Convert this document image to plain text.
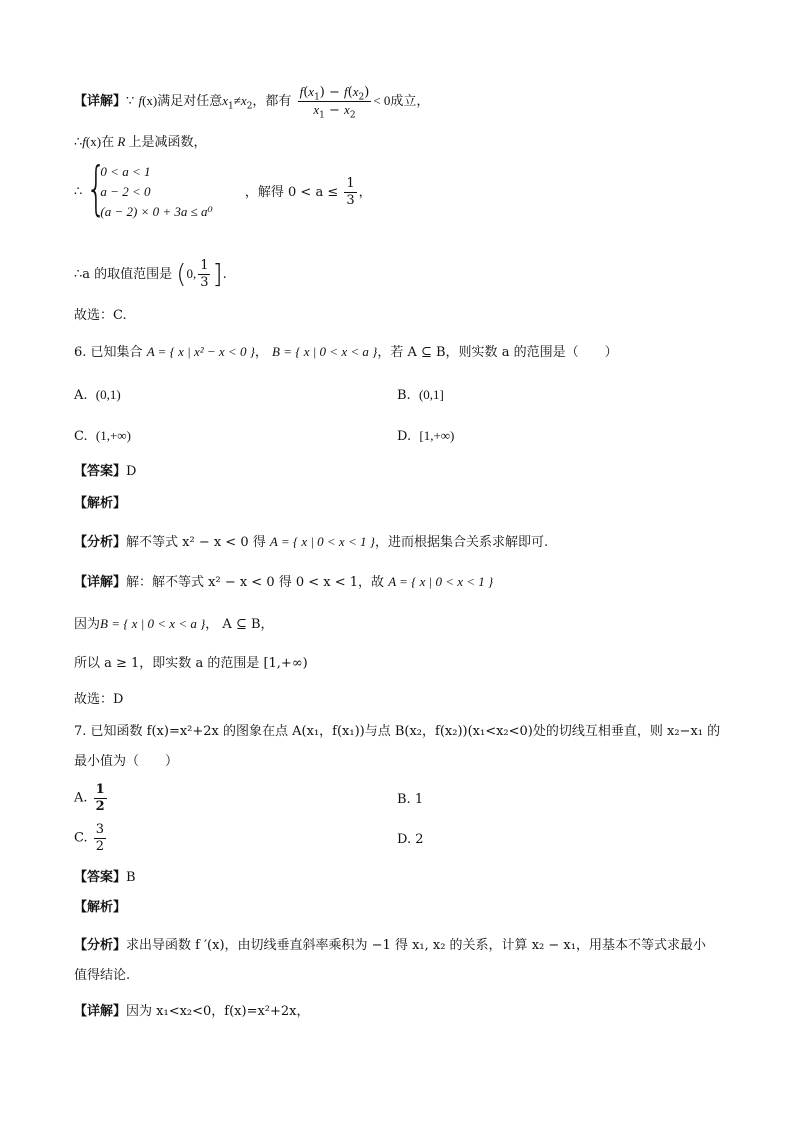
【详解】∵ f(x)满足对任意$x_1\ne x_2$，都有 $\frac{f(x_1) - f(x_2)}{x_1 - x_2} < 0$成立，
∴f(x)在 R 上是减函数，
∴ {
0 < a < 1
a − 2 < 0
(a − 2) × 0 + 3a ≤ a⁰
，解得 $0 < a \le \frac{1}{3}$ ，
∴a 的取值范围是 (0, $\frac{1}{3}$ ].
故选：C.
6. 已知集合 A = { x | x² − x < 0 }， B = { x | 0 < x < a }，若 A ⊆ B，则实数 a 的范围是（　　）
A. (0,1)	B. (0,1]
C. (1,+∞)	D. [1,+∞)
【答案】D
【解析】
【分析】解不等式 x² − x < 0 得 A = { x | 0 < x < 1 }，进而根据集合关系求解即可.
【详解】解：解不等式 x² − x < 0 得 0 < x < 1，故 A = { x | 0 < x < 1 }
因为B = { x | 0 < x < a }， A ⊆ B，
所以 a ≥ 1，即实数 a 的范围是 [1,+∞)
故选：D
7. 已知函数 f(x)=x²+2x 的图象在点 A(x₁，f(x₁))与点 B(x₂，f(x₂))(x₁<x₂<0)处的切线互相垂直，则 x₂−x₁ 的
最小值为（　　）
A. $\frac{1}{2}$	B. 1
C. $\frac{3}{2}$	D. 2
【答案】B
【解析】
【分析】求出导函数 f ′(x)，由切线垂直斜率乘积为 −1 得 x₁, x₂ 的关系，计算 x₂ − x₁，用基本不等式求最小
值得结论.
【详解】因为 x₁<x₂<0，f(x)=x²+2x，
